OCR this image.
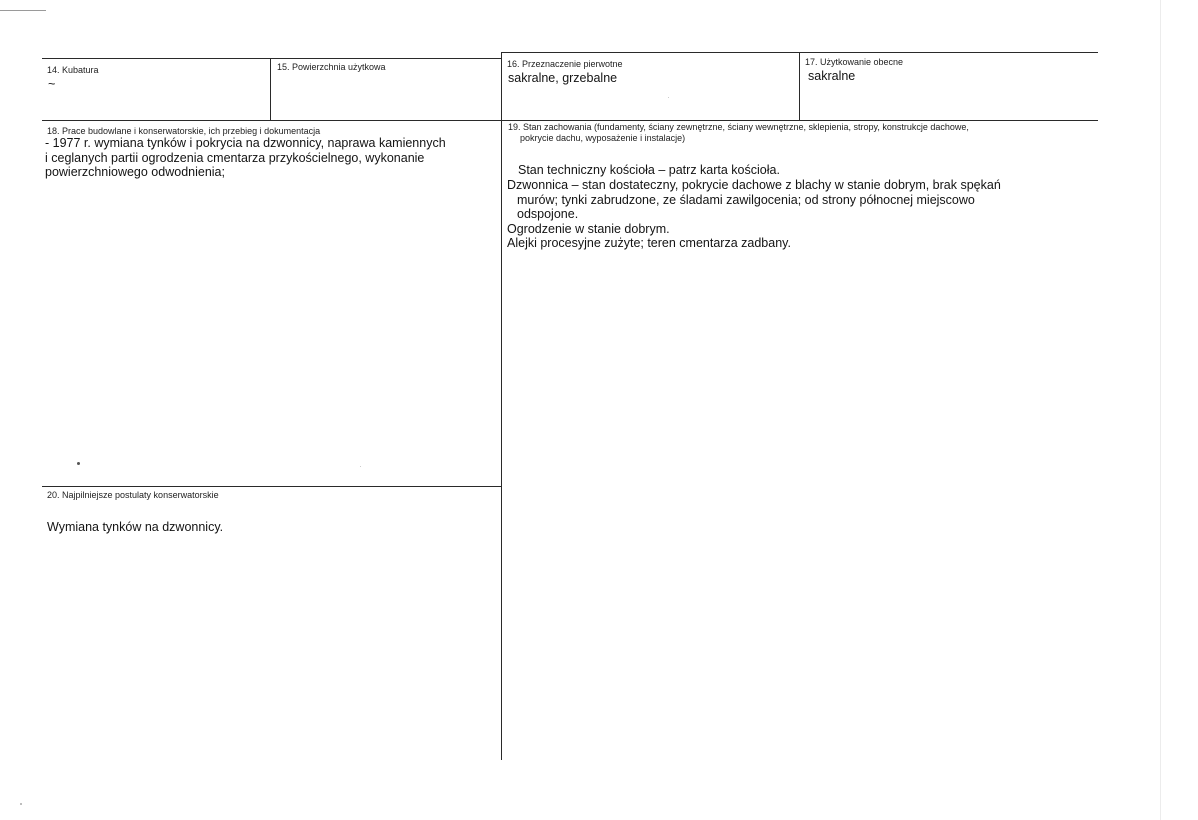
14. Kubatura
~
15. Powierzchnia użytkowa	16. Przeznaczenie pierwotne
sakralne, grzebalne
17. Użytkowanie obecne
sakralne
18. Prace budowlane i konserwatorskie, ich przebieg i dokumentacja
- 1977 r. wymiana tynków i pokrycia na dzwonnicy, naprawa kamiennych
i ceglanych partii ogrodzenia cmentarza przykościelnego, wykonanie
powierzchniowego odwodnienia;
19. Stan zachowania (fundamenty, ściany zewnętrzne, ściany wewnętrzne, sklepienia, stropy, konstrukcje dachowe,
pokrycie dachu, wyposażenie i instalacje)
Stan techniczny kościoła – patrz karta kościoła.
Dzwonnica – stan dostateczny, pokrycie dachowe z blachy w stanie dobrym, brak spękań
murów; tynki zabrudzone, ze śladami zawilgocenia; od strony północnej miejscowo
odspojone.
Ogrodzenie w stanie dobrym.
Alejki procesyjne zużyte; teren cmentarza zadbany.
20. Najpilniejsze postulaty konserwatorskie
Wymiana tynków na dzwonnicy.
